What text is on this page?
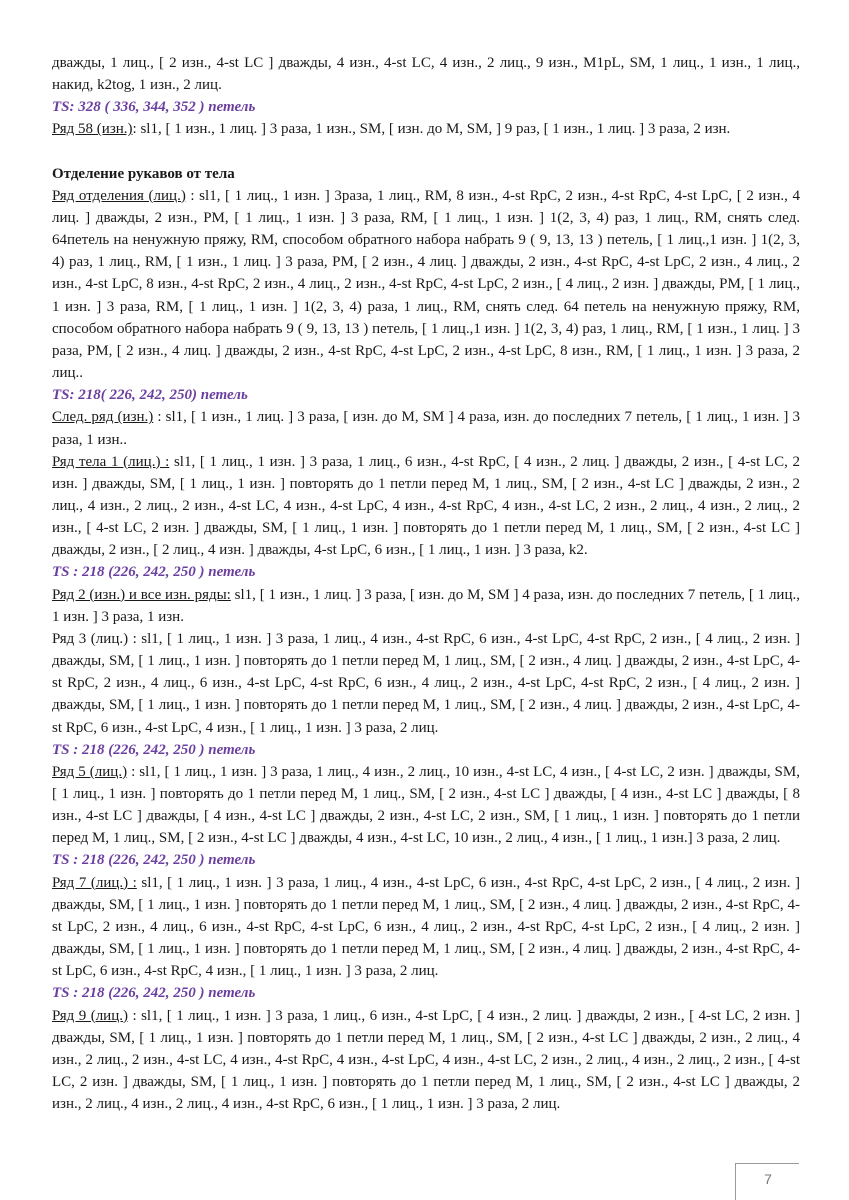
дважды, 1 лиц., [ 2 изн., 4-st LC ] дважды, 4 изн., 4-st LC, 4 изн., 2 лиц., 9 изн., M1pL, SM, 1 лиц., 1 изн., 1 лиц., накид, k2tog, 1 изн., 2 лиц.

TS: 328 ( 336, 344, 352 ) петель

Ряд 58 (изн.): sl1, [ 1 изн., 1 лиц. ] 3 раза, 1 изн., SM, [ изн. до M, SM, ] 9 раз, [ 1 изн., 1 лиц. ] 3 раза, 2 изн.

Отделение рукавов от тела

Ряд отделения (лиц.) : sl1, [ 1 лиц., 1 изн. ] 3раза, 1 лиц., RM, 8 изн., 4-st RpC, 2 изн., 4-st RpC, 4-st LpC, [ 2 изн., 4 лиц. ] дважды, 2 изн., PM, [ 1 лиц., 1 изн. ] 3 раза, RM, [ 1 лиц., 1 изн. ] 1(2, 3, 4) раз, 1 лиц., RM, снять след. 64петель на ненужную пряжу, RM, способом обратного набора набрать 9 ( 9, 13, 13 ) петель, [ 1 лиц.,1 изн. ] 1(2, 3, 4) раз, 1 лиц., RM, [ 1 изн., 1 лиц. ] 3 раза, PM, [ 2 изн., 4 лиц. ] дважды, 2 изн., 4-st RpC, 4-st LpC, 2 изн., 4 лиц., 2 изн., 4-st LpC, 8 изн., 4-st RpC, 2 изн., 4 лиц., 2 изн., 4-st RpC, 4-st LpC, 2 изн., [ 4 лиц., 2 изн. ] дважды, PM, [ 1 лиц., 1 изн. ] 3 раза, RM, [ 1 лиц., 1 изн. ] 1(2, 3, 4) раза, 1 лиц., RM, снять след. 64 петель на ненужную пряжу, RM, способом обратного набора набрать 9 ( 9, 13, 13 ) петель, [ 1 лиц.,1 изн. ] 1(2, 3, 4) раз, 1 лиц., RM, [ 1 изн., 1 лиц. ] 3 раза, PM, [ 2 изн., 4 лиц. ] дважды, 2 изн., 4-st RpC, 4-st LpC, 2 изн., 4-st LpC, 8 изн., RM, [ 1 лиц., 1 изн. ] 3 раза, 2 лиц..

TS: 218( 226, 242, 250) петель

След. ряд (изн.) : sl1, [ 1 изн., 1 лиц. ] 3 раза, [ изн. до M, SM ] 4 раза, изн. до последних 7 петель, [ 1 лиц., 1 изн. ] 3 раза, 1 изн..

Ряд тела 1 (лиц.) : sl1, [ 1 лиц., 1 изн. ] 3 раза, 1 лиц., 6 изн., 4-st RpC, [ 4 изн., 2 лиц. ] дважды, 2 изн., [ 4-st LC, 2 изн. ] дважды, SM, [ 1 лиц., 1 изн. ] повторять до 1 петли перед M, 1 лиц., SM, [ 2 изн., 4-st LC ] дважды, 2 изн., 2 лиц., 4 изн., 2 лиц., 2 изн., 4-st LC, 4 изн., 4-st LpC, 4 изн., 4-st RpC, 4 изн., 4-st LC, 2 изн., 2 лиц., 4 изн., 2 лиц., 2 изн., [ 4-st LC, 2 изн. ] дважды, SM, [ 1 лиц., 1 изн. ] повторять до 1 петли перед M, 1 лиц., SM, [ 2 изн., 4-st LC ] дважды, 2 изн., [ 2 лиц., 4 изн. ] дважды, 4-st LpC, 6 изн., [ 1 лиц., 1 изн. ] 3 раза, k2.

TS : 218 (226, 242, 250 ) петель

Ряд 2 (изн.) и все изн. ряды: sl1, [ 1 изн., 1 лиц. ] 3 раза, [ изн. до M, SM ] 4 раза, изн. до последних 7 петель, [ 1 лиц., 1 изн. ] 3 раза, 1 изн.

Ряд 3 (лиц.) : sl1, [ 1 лиц., 1 изн. ] 3 раза, 1 лиц., 4 изн., 4-st RpC, 6 изн., 4-st LpC, 4-st RpC, 2 изн., [ 4 лиц., 2 изн. ] дважды, SM, [ 1 лиц., 1 изн. ] повторять до 1 петли перед M, 1 лиц., SM, [ 2 изн., 4 лиц. ] дважды, 2 изн., 4-st LpC, 4-st RpC, 2 изн., 4 лиц., 6 изн., 4-st LpC, 4-st RpC, 6 изн., 4 лиц., 2 изн., 4-st LpC, 4-st RpC, 2 изн., [ 4 лиц., 2 изн. ] дважды, SM, [ 1 лиц., 1 изн. ] повторять до 1 петли перед M, 1 лиц., SM, [ 2 изн., 4 лиц. ] дважды, 2 изн., 4-st LpC, 4-st RpC, 6 изн., 4-st LpC, 4 изн., [ 1 лиц., 1 изн. ] 3 раза, 2 лиц.

TS : 218 (226, 242, 250 ) петель

Ряд 5 (лиц.) : sl1, [ 1 лиц., 1 изн. ] 3 раза, 1 лиц., 4 изн., 2 лиц., 10 изн., 4-st LC, 4 изн., [ 4-st LC, 2 изн. ] дважды, SM, [ 1 лиц., 1 изн. ] повторять до 1 петли перед M, 1 лиц., SM, [ 2 изн., 4-st LC ] дважды, [ 4 изн., 4-st LC ] дважды, [ 8 изн., 4-st LC ] дважды, [ 4 изн., 4-st LC ] дважды, 2 изн., 4-st LC, 2 изн., SM, [ 1 лиц., 1 изн. ] повторять до 1 петли перед M, 1 лиц., SM, [ 2 изн., 4-st LC ] дважды, 4 изн., 4-st LC, 10 изн., 2 лиц., 4 изн., [ 1 лиц., 1 изн.] 3 раза, 2 лиц.

TS : 218 (226, 242, 250 ) петель

Ряд 7 (лиц.) : sl1, [ 1 лиц., 1 изн. ] 3 раза, 1 лиц., 4 изн., 4-st LpC, 6 изн., 4-st RpC, 4-st LpC, 2 изн., [ 4 лиц., 2 изн. ] дважды, SM, [ 1 лиц., 1 изн. ] повторять до 1 петли перед M, 1 лиц., SM, [ 2 изн., 4 лиц. ] дважды, 2 изн., 4-st RpC, 4-st LpC, 2 изн., 4 лиц., 6 изн., 4-st RpC, 4-st LpC, 6 изн., 4 лиц., 2 изн., 4-st RpC, 4-st LpC, 2 изн., [ 4 лиц., 2 изн. ] дважды, SM, [ 1 лиц., 1 изн. ] повторять до 1 петли перед M, 1 лиц., SM, [ 2 изн., 4 лиц. ] дважды, 2 изн., 4-st RpC, 4-st LpC, 6 изн., 4-st RpC, 4 изн., [ 1 лиц., 1 изн. ] 3 раза, 2 лиц.

TS : 218 (226, 242, 250 ) петель

Ряд 9 (лиц.) : sl1, [ 1 лиц., 1 изн. ] 3 раза, 1 лиц., 6 изн., 4-st LpC, [ 4 изн., 2 лиц. ] дважды, 2 изн., [ 4-st LC, 2 изн. ] дважды, SM, [ 1 лиц., 1 изн. ] повторять до 1 петли перед M, 1 лиц., SM, [ 2 изн., 4-st LC ] дважды, 2 изн., 2 лиц., 4 изн., 2 лиц., 2 изн., 4-st LC, 4 изн., 4-st RpC, 4 изн., 4-st LpC, 4 изн., 4-st LC, 2 изн., 2 лиц., 4 изн., 2 лиц., 2 изн., [ 4-st LC, 2 изн. ] дважды, SM, [ 1 лиц., 1 изн. ] повторять до 1 петли перед M, 1 лиц., SM, [ 2 изн., 4-st LC ] дважды, 2 изн., 2 лиц., 4 изн., 2 лиц., 4 изн., 4-st RpC, 6 изн., [ 1 лиц., 1 изн. ] 3 раза, 2 лиц.

7
